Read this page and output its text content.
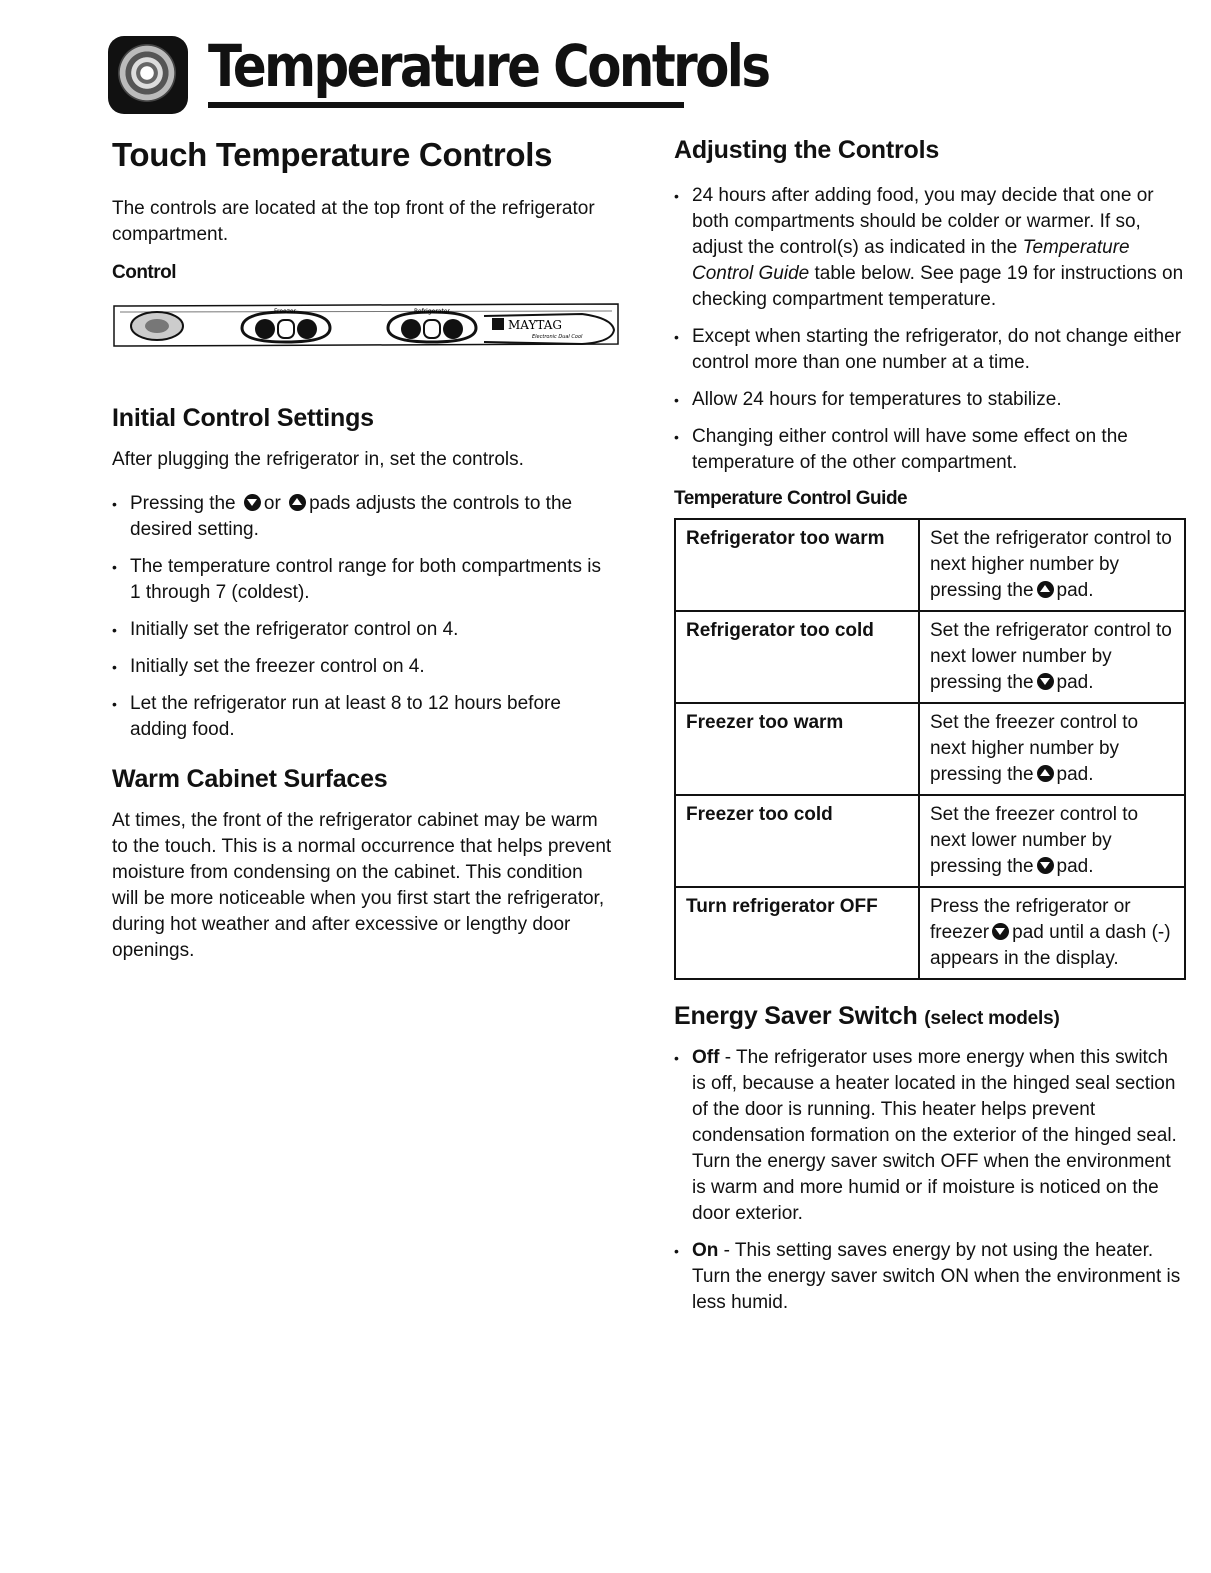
Temperature Controls
Touch Temperature Controls

The controls are located at the top front of the refrigerator compartment.

Control
Freezer	Refrigerator
MAYTAG
Electronic Dual Cool
Initial Control Settings

After plugging the refrigerator in, set the controls.

• Pressing the or pads adjusts the controls to the desired setting.
• The temperature control range for both compartments is 1 through 7 (coldest).
• Initially set the refrigerator control on 4.
• Initially set the freezer control on 4.
• Let the refrigerator run at least 8 to 12 hours before adding food.
Warm Cabinet Surfaces

At times, the front of the refrigerator cabinet may be warm to the touch. This is a normal occurrence that helps prevent moisture from condensing on the cabinet. This condition will be more noticeable when you first start the refrigerator, during hot weather and after excessive or lengthy door openings.

Adjusting the Controls
• 24 hours after adding food, you may decide that one or both compartments should be colder or warmer. If so, adjust the control(s) as indicated in the Temperature Control Guide table below. See page 19 for instructions on checking compartment temperature.
• Except when starting the refrigerator, do not change either control more than one number at a time.
• Allow 24 hours for temperatures to stabilize.
• Changing either control will have some effect on the temperature of the other compartment.
Temperature Control Guide
Refrigerator too warm	Set the refrigerator control to next higher number by pressing the pad.
Refrigerator too cold	Set the refrigerator control to next lower number by pressing the pad.
Freezer too warm	Set the freezer control to next higher number by pressing the pad.
Freezer too cold	Set the freezer control to next lower number by pressing the pad.
Turn refrigerator OFF	Press the refrigerator or freezer pad until a dash (-) appears in the display.
Energy Saver Switch (select models)
• Off - The refrigerator uses more energy when this switch is off, because a heater located in the hinged seal section of the door is running. This heater helps prevent condensation formation on the exterior of the hinged seal. Turn the energy saver switch OFF when the environment is warm and more humid or if moisture is noticed on the door exterior.
• On - This setting saves energy by not using the heater. Turn the energy saver switch ON when the environment is less humid.
